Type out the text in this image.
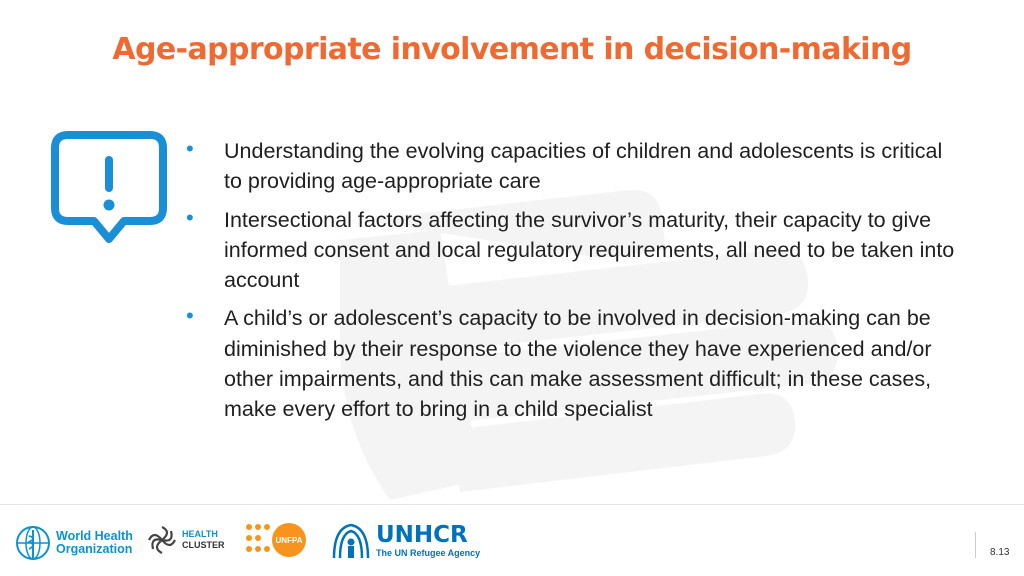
Age-appropriate involvement in decision-making
• Understanding the evolving capacities of children and adolescents is critical to providing age-appropriate care
• Intersectional factors affecting the survivor’s maturity, their capacity to give informed consent and local regulatory requirements, all need to be taken into account
• A child’s or adolescent’s capacity to be involved in decision-making can be diminished by their response to the violence they have experienced and/or other impairments, and this can make assessment difficult; in these cases, make every effort to bring in a child specialist
World Health
Organization
HEALTH
CLUSTER	UNFPA	UNHCR
The UN Refugee Agency	8.13
